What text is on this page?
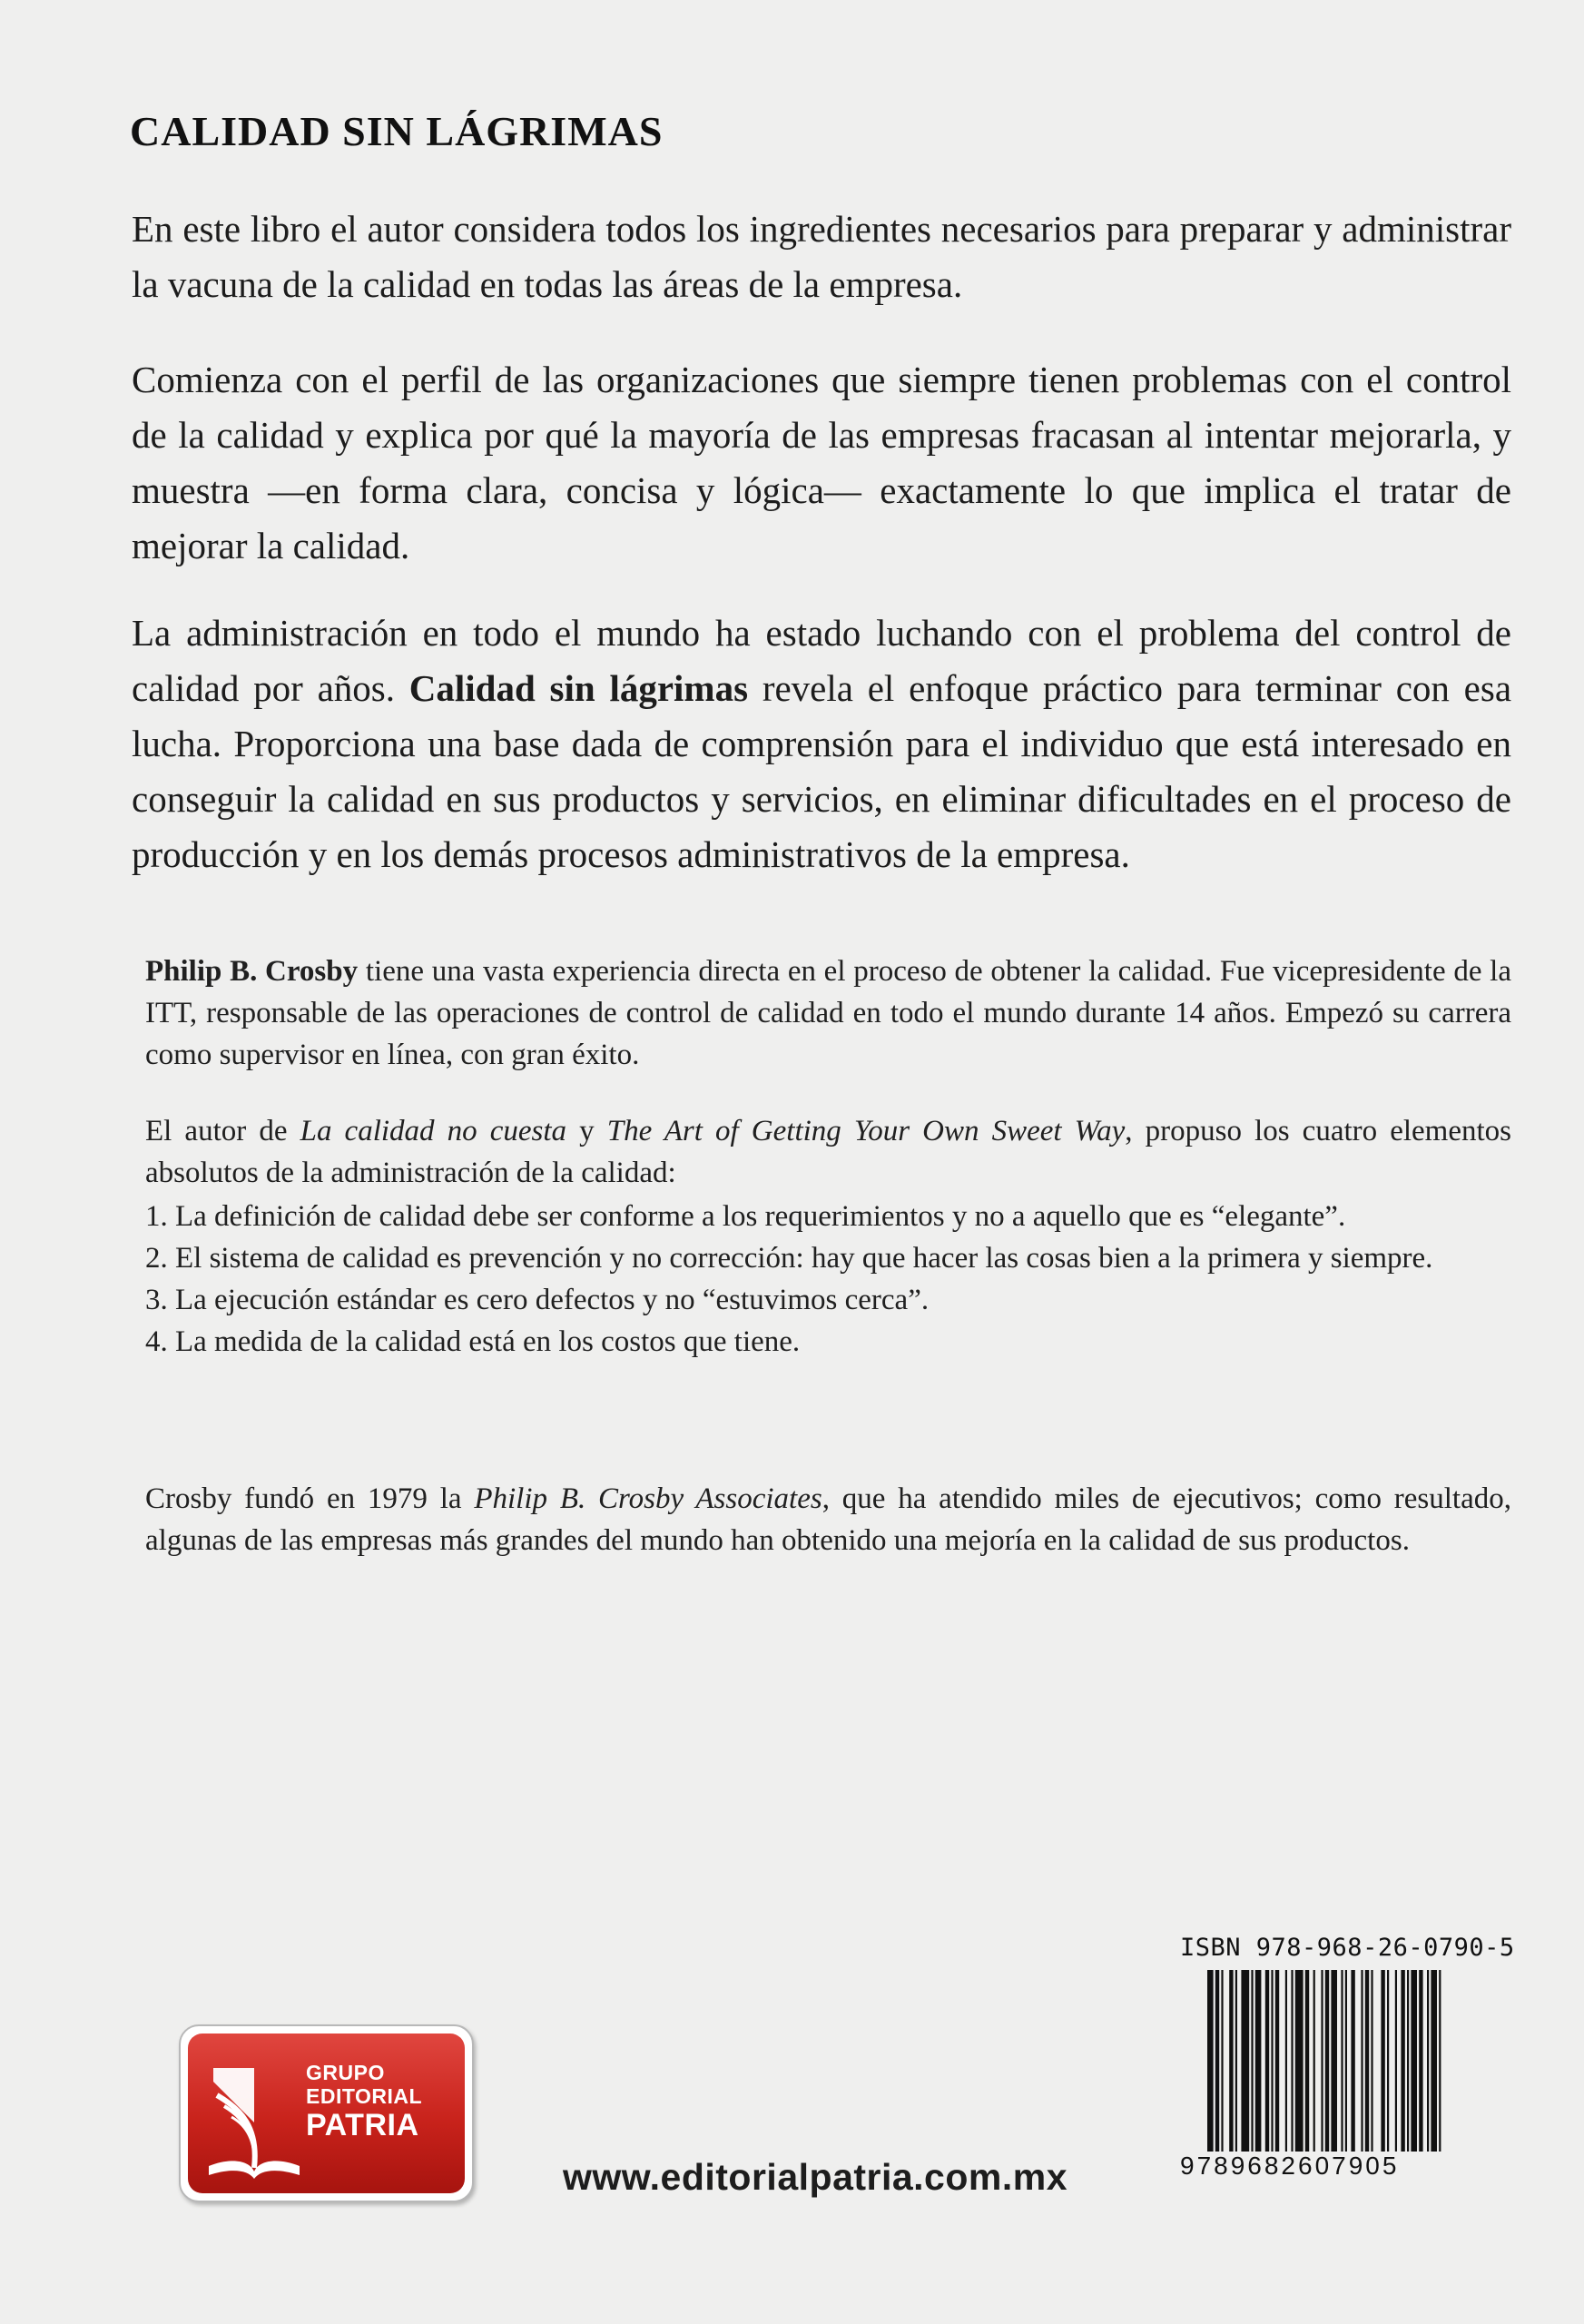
CALIDAD SIN LÁGRIMAS

En este libro el autor considera todos los ingredientes necesarios para preparar y administrar la vacuna de la calidad en todas las áreas de la empresa.

Comienza con el perfil de las organizaciones que siempre tienen problemas con el control de la calidad y explica por qué la mayoría de las empresas fracasan al intentar mejorarla, y muestra —en forma clara, concisa y lógica— exactamente lo que implica el tratar de mejorar la calidad.

La administración en todo el mundo ha estado luchando con el problema del control de calidad por años. Calidad sin lágrimas revela el enfoque práctico para terminar con esa lucha. Proporciona una base dada de comprensión para el individuo que está interesado en conseguir la calidad en sus productos y servicios, en eliminar dificultades en el proceso de producción y en los demás procesos administrativos de la empresa.

Philip B. Crosby tiene una vasta experiencia directa en el proceso de obtener la calidad. Fue vicepresidente de la ITT, responsable de las operaciones de control de calidad en todo el mundo durante 14 años. Empezó su carrera como supervisor en línea, con gran éxito.

El autor de La calidad no cuesta y The Art of Getting Your Own Sweet Way, propuso los cuatro elementos absolutos de la administración de la calidad:

1. La definición de calidad debe ser conforme a los requerimientos y no a aquello que es “elegante”.
2. El sistema de calidad es prevención y no corrección: hay que hacer las cosas bien a la primera y siempre.
3. La ejecución estándar es cero defectos y no “estuvimos cerca”.
4. La medida de la calidad está en los costos que tiene.

Crosby fundó en 1979 la Philip B. Crosby Associates, que ha atendido miles de ejecutivos; como resultado, algunas de las empresas más grandes del mundo han obtenido una mejoría en la calidad de sus productos.

ISBN 978-968-26-0790-5

9789682607905

GRUPO
EDITORIAL
PATRIA

www.editorialpatria.com.mx
